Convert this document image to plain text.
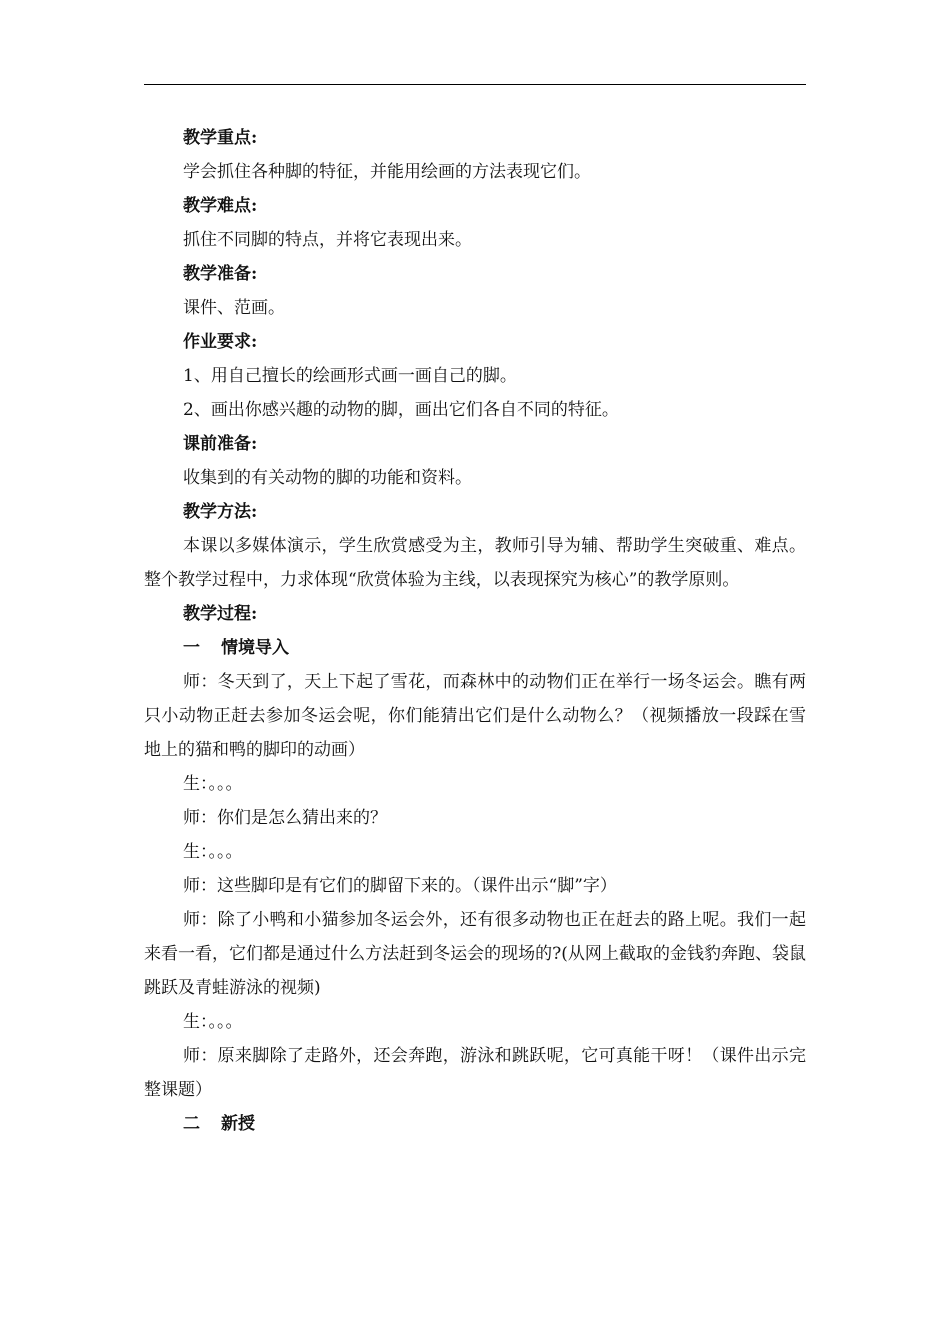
教学重点:

学会抓住各种脚的特征，并能用绘画的方法表现它们。

教学难点:

抓住不同脚的特点，并将它表现出来。

教学准备:

课件、范画。

作业要求:

1、用自己擅长的绘画形式画一画自己的脚。

2、画出你感兴趣的动物的脚，画出它们各自不同的特征。

课前准备:

收集到的有关动物的脚的功能和资料。

教学方法:

本课以多媒体演示，学生欣赏感受为主，教师引导为辅、帮助学生突破重、难点。整个教学过程中，力求体现“欣赏体验为主线，以表现探究为核心”的教学原则。

教学过程:

一 情境导入

师：冬天到了，天上下起了雪花，而森林中的动物们正在举行一场冬运会。瞧有两只小动物正赶去参加冬运会呢，你们能猜出它们是什么动物么？（视频播放一段踩在雪地上的猫和鸭的脚印的动画）

生：。。。

师：你们是怎么猜出来的？

生：。。。

师：这些脚印是有它们的脚留下来的。（课件出示“脚”字）

师：除了小鸭和小猫参加冬运会外，还有很多动物也正在赶去的路上呢。我们一起来看一看，它们都是通过什么方法赶到冬运会的现场的?(从网上截取的金钱豹奔跑、袋鼠跳跃及青蛙游泳的视频)

生：。。。

师：原来脚除了走路外，还会奔跑，游泳和跳跃呢，它可真能干呀！（课件出示完整课题）

二 新授
